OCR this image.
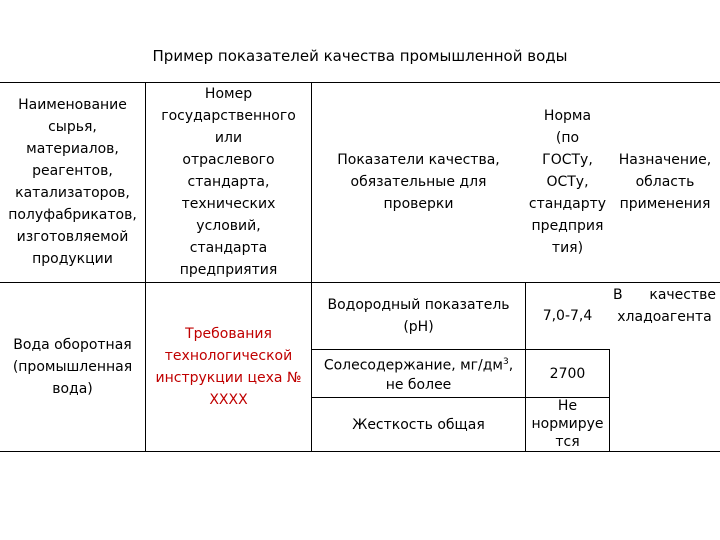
Пример показателей качества промышленной воды
Наименование
сырья,
материалов,
реагентов,
катализаторов,
полуфабрикатов,
изготовляемой
продукции
Номер
государственного
или
отраслевого
стандарта,
технических
условий,
стандарта
предприятия
Показатели качества,
обязательные для
проверки
Норма
(по
ГОСТу,
ОСТу,
стандарту
предприя
тия)
Назначение,
область
применения
Вода оборотная
(промышленная
вода)
Требования
технологической
инструкции цеха №
ХХХХ
Водородный показатель
(рН)
7,0-7,4
Солесодержание, $мг/дм^3$,
не более
2700
Жесткость общая
Не
нормируе
тся
В качестве
хладоагента
